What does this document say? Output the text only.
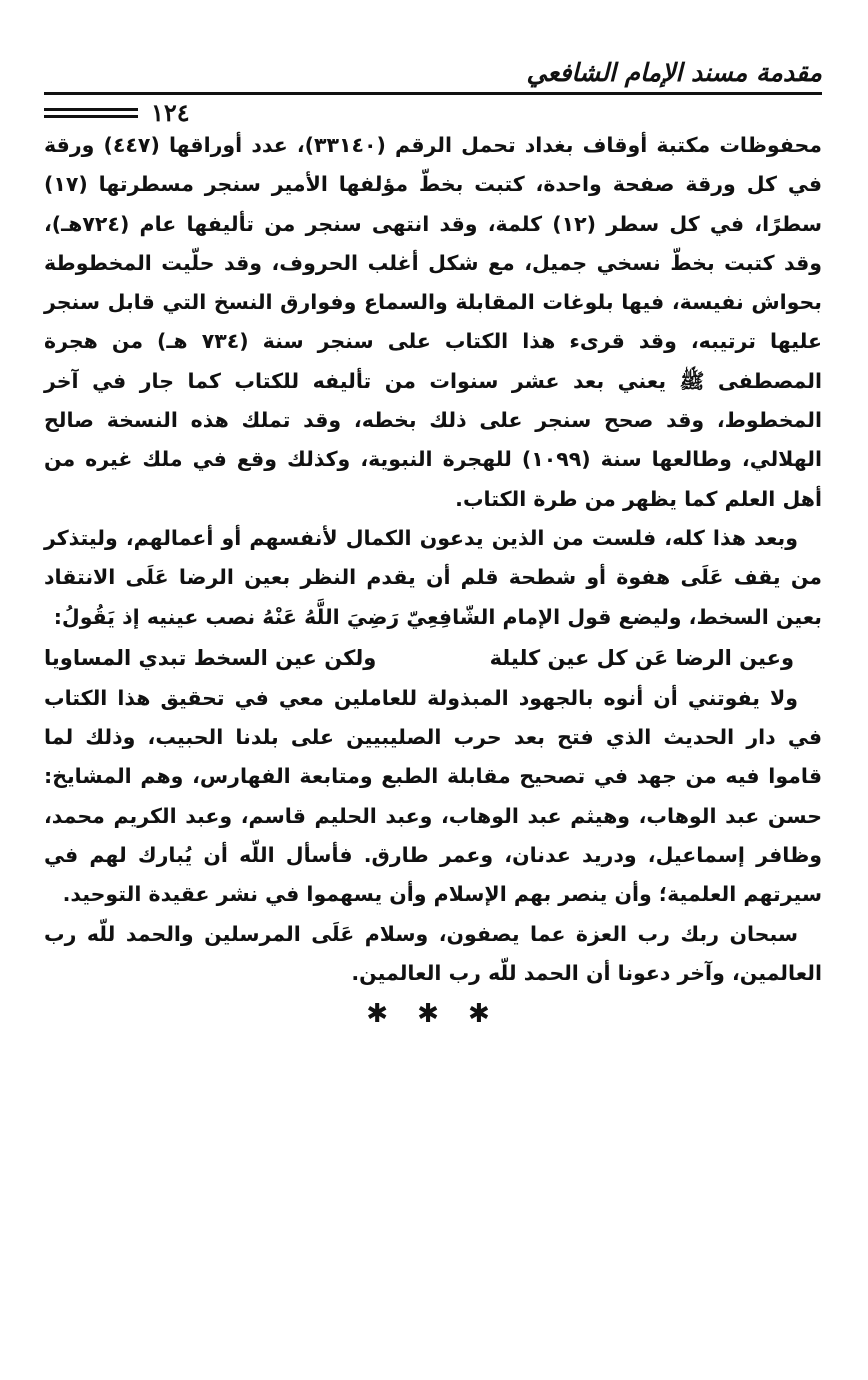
مقدمة مسند الإمام الشافعي
١٢٤

محفوظات مكتبة أوقاف بغداد تحمل الرقم (٣٣١٤٠)، عدد أوراقها (٤٤٧) ورقة في كل ورقة صفحة واحدة، كتبت بخطّ مؤلفها الأمير سنجر مسطرتها (١٧) سطرًا، في كل سطر (١٢) كلمة، وقد انتهى سنجر من تأليفها عام (٧٢٤هـ)، وقد كتبت بخطّ نسخي جميل، مع شكل أغلب الحروف، وقد حلّيت المخطوطة بحواش نفيسة، فيها بلوغات المقابلة والسماع وفوارق النسخ التي قابل سنجر عليها ترتيبه، وقد قرىء هذا الكتاب على سنجر سنة (٧٣٤ هـ) من هجرة المصطفى ﷺ يعني بعد عشر سنوات من تأليفه للكتاب كما جار في آخر المخطوط، وقد صحح سنجر على ذلك بخطه، وقد تملك هذه النسخة صالح الهلالي، وطالعها سنة (١٠٩٩) للهجرة النبوية، وكذلك وقع في ملك غيره من أهل العلم كما يظهر من طرة الكتاب.

وبعد هذا كله، فلست من الذين يدعون الكمال لأنفسهم أو أعمالهم، وليتذكر من يقف عَلَى هفوة أو شطحة قلم أن يقدم النظر بعين الرضا عَلَى الانتقاد بعين السخط، وليضع قول الإمام الشّافِعِيّ رَضِيَ اللَّهُ عَنْهُ نصب عينيه إذ يَقُولُ:

وعين الرضا عَن كل عين كليلة
ولكن عين السخط تبدي المساويا

ولا يفوتني أن أنوه بالجهود المبذولة للعاملين معي في تحقيق هذا الكتاب في دار الحديث الذي فتح بعد حرب الصليبيين على بلدنا الحبيب، وذلك لما قاموا فيه من جهد في تصحيح مقابلة الطبع ومتابعة الفهارس، وهم المشايخ: حسن عبد الوهاب، وهيثم عبد الوهاب، وعبد الحليم قاسم، وعبد الكريم محمد، وظافر إسماعيل، ودريد عدنان، وعمر طارق. فأسأل اللّه أن يُبارك لهم في سيرتهم العلمية؛ وأن ينصر بهم الإسلام وأن يسهموا في نشر عقيدة التوحيد.

سبحان ربك رب العزة عما يصفون، وسلام عَلَى المرسلين والحمد للّه رب العالمين، وآخر دعونا أن الحمد للّه رب العالمين.

✱ ✱ ✱
